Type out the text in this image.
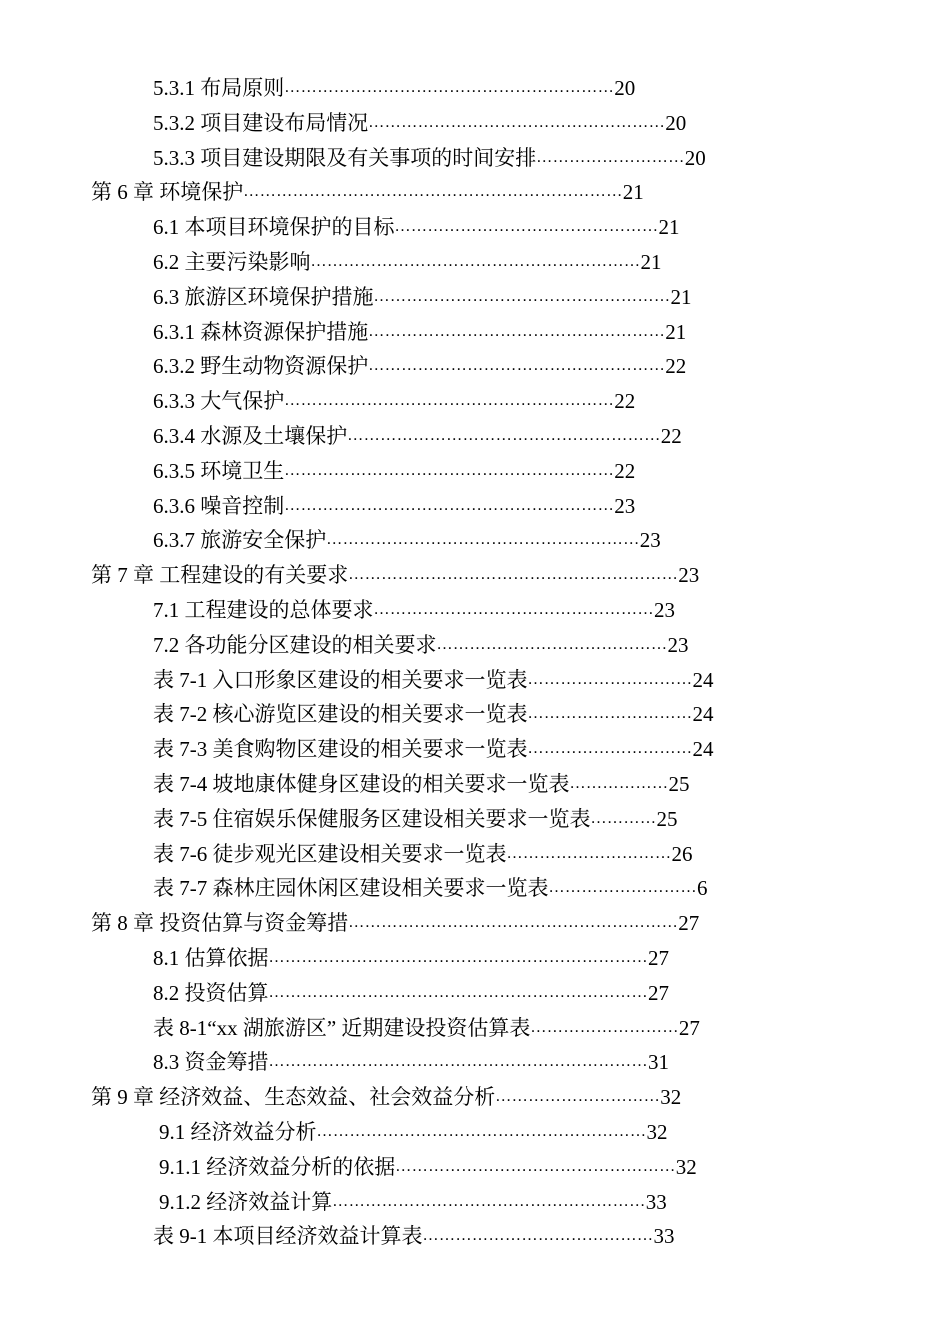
5.3.1 布局原则……………………………………………………20
5.3.2 项目建设布局情况………………………………………………20
5.3.3 项目建设期限及有关事项的时间安排………………………20
第 6 章 环境保护……………………………………………………………21
6.1 本项目环境保护的目标…………………………………………21
6.2 主要污染影响……………………………………………………21
6.3 旅游区环境保护措施………………………………………………21
6.3.1 森林资源保护措施………………………………………………21
6.3.2 野生动物资源保护………………………………………………22
6.3.3 大气保护……………………………………………………22
6.3.4 水源及土壤保护…………………………………………………22
6.3.5 环境卫生……………………………………………………22
6.3.6 噪音控制……………………………………………………23
6.3.7 旅游安全保护…………………………………………………23
第 7 章 工程建设的有关要求……………………………………………………23
7.1 工程建设的总体要求……………………………………………23
7.2 各功能分区建设的相关要求……………………………………23
表 7-1 入口形象区建设的相关要求一览表…………………………24
表 7-2 核心游览区建设的相关要求一览表…………………………24
表 7-3 美食购物区建设的相关要求一览表…………………………24
表 7-4 坡地康体健身区建设的相关要求一览表………………25
表 7-5 住宿娱乐保健服务区建设相关要求一览表…………25
表 7-6 徒步观光区建设相关要求一览表…………………………26
表 7-7 森林庄园休闲区建设相关要求一览表………………………6
第 8 章 投资估算与资金筹措……………………………………………………27
8.1 估算依据……………………………………………………………27
8.2 投资估算……………………………………………………………27
表 8-1“xx 湖旅游区” 近期建设投资估算表………………………27
8.3 资金筹措……………………………………………………………31
第 9 章 经济效益、生态效益、社会效益分析…………………………32
9.1 经济效益分析……………………………………………………32
9.1.1 经济效益分析的依据……………………………………………32
9.1.2 经济效益计算…………………………………………………33
表 9-1 本项目经济效益计算表……………………………………33
